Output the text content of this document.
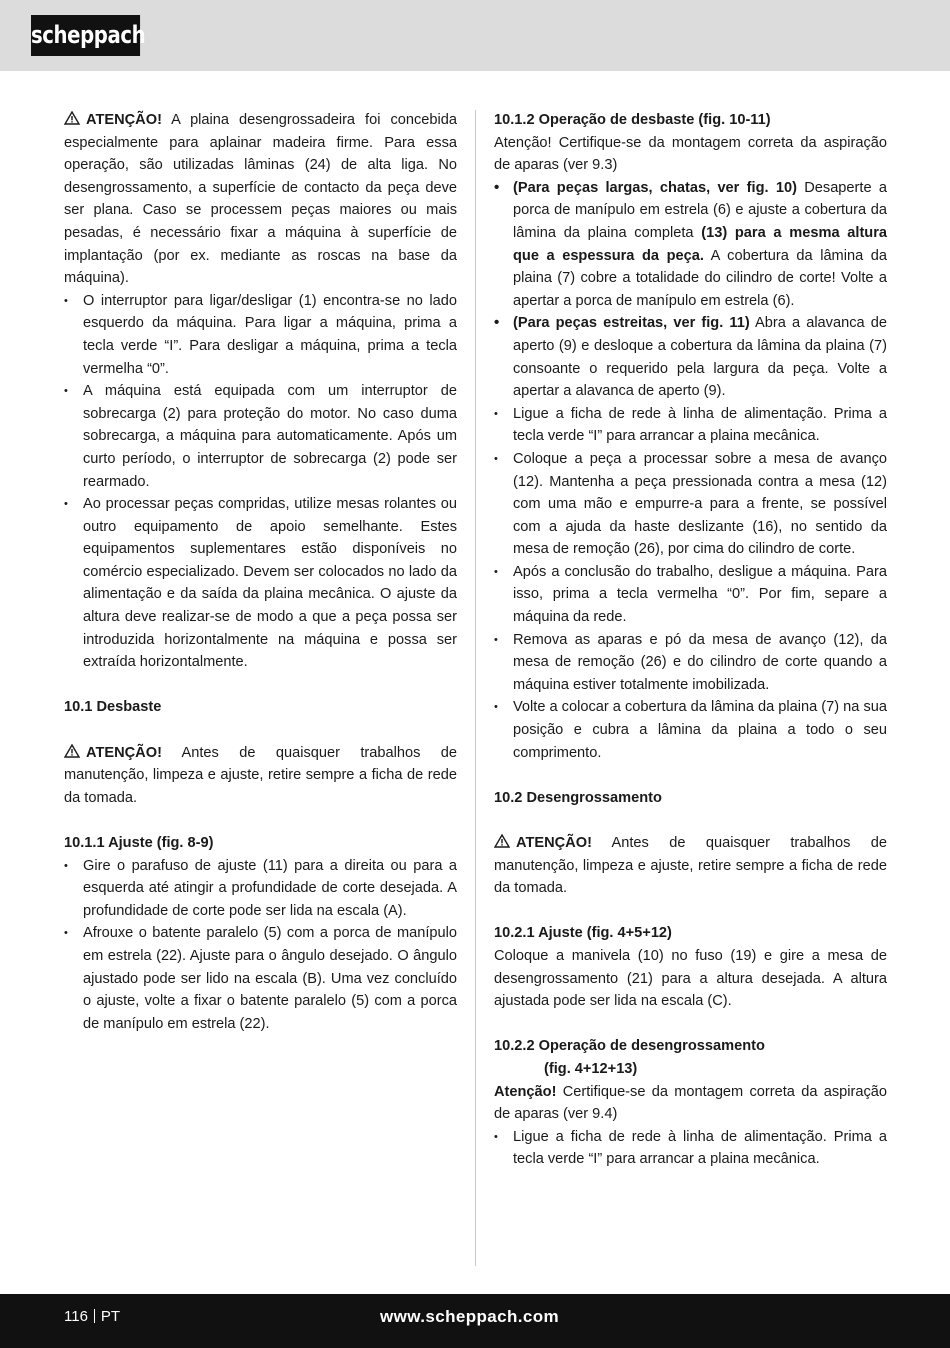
scheppach

ATENÇÃO! A plaina desengrossadeira foi concebida especialmente para aplainar madeira firme. Para essa operação, são utilizadas lâminas (24) de alta liga. No desengrossamento, a superfície de contacto da peça deve ser plana. Caso se processem peças maiores ou mais pesadas, é necessário fixar a máquina à superfície de implantação (por ex. mediante as roscas na base da máquina).

• O interruptor para ligar/desligar (1) encontra-se no lado esquerdo da máquina. Para ligar a máquina, prima a tecla verde “I”. Para desligar a máquina, prima a tecla vermelha “0”.
• A máquina está equipada com um interruptor de sobrecarga (2) para proteção do motor. No caso duma sobrecarga, a máquina para automaticamente. Após um curto período, o interruptor de sobrecarga (2) pode ser rearmado.
• Ao processar peças compridas, utilize mesas rolantes ou outro equipamento de apoio semelhante. Estes equipamentos suplementares estão disponíveis no comércio especializado. Devem ser colocados no lado da alimentação e da saída da plaina mecânica. O ajuste da altura deve realizar-se de modo a que a peça possa ser introduzida horizontalmente na máquina e possa ser extraída horizontalmente.

10.1 Desbaste

ATENÇÃO! Antes de quaisquer trabalhos de manutenção, limpeza e ajuste, retire sempre a ficha de rede da tomada.

10.1.1 Ajuste (fig. 8-9)

• Gire o parafuso de ajuste (11) para a direita ou para a esquerda até atingir a profundidade de corte desejada. A profundidade de corte pode ser lida na escala (A).
• Afrouxe o batente paralelo (5) com a porca de manípulo em estrela (22). Ajuste para o ângulo desejado. O ângulo ajustado pode ser lido na escala (B). Uma vez concluído o ajuste, volte a fixar o batente paralelo (5) com a porca de manípulo em estrela (22).

10.1.2 Operação de desbaste (fig. 10-11)

Atenção! Certifique-se da montagem correta da aspiração de aparas (ver 9.3)

• (Para peças largas, chatas, ver fig. 10) Desaperte a porca de manípulo em estrela (6) e ajuste a cobertura da lâmina da plaina completa (13) para a mesma altura que a espessura da peça. A cobertura da lâmina da plaina (7) cobre a totalidade do cilindro de corte! Volte a apertar a porca de manípulo em estrela (6).
• (Para peças estreitas, ver fig. 11) Abra a alavanca de aperto (9) e desloque a cobertura da lâmina da plaina (7) consoante o requerido pela largura da peça. Volte a apertar a alavanca de aperto (9).
• Ligue a ficha de rede à linha de alimentação. Prima a tecla verde “I” para arrancar a plaina mecânica.
• Coloque a peça a processar sobre a mesa de avanço (12). Mantenha a peça pressionada contra a mesa (12) com uma mão e empurre-a para a frente, se possível com a ajuda da haste deslizante (16), no sentido da mesa de remoção (26), por cima do cilindro de corte.
• Após a conclusão do trabalho, desligue a máquina. Para isso, prima a tecla vermelha “0”. Por fim, separe a máquina da rede.
• Remova as aparas e pó da mesa de avanço (12), da mesa de remoção (26) e do cilindro de corte quando a máquina estiver totalmente imobilizada.
• Volte a colocar a cobertura da lâmina da plaina (7) na sua posição e cubra a lâmina da plaina a todo o seu comprimento.

10.2 Desengrossamento

ATENÇÃO! Antes de quaisquer trabalhos de manutenção, limpeza e ajuste, retire sempre a ficha de rede da tomada.

10.2.1 Ajuste (fig. 4+5+12)

Coloque a manivela (10) no fuso (19) e gire a mesa de desengrossamento (21) para a altura desejada. A altura ajustada pode ser lida na escala (C).

10.2.2 Operação de desengrossamento

(fig. 4+12+13)

Atenção! Certifique-se da montagem correta da aspiração de aparas (ver 9.4)

• Ligue a ficha de rede à linha de alimentação. Prima a tecla verde “I” para arrancar a plaina mecânica.
116 PT	www.scheppach.com
